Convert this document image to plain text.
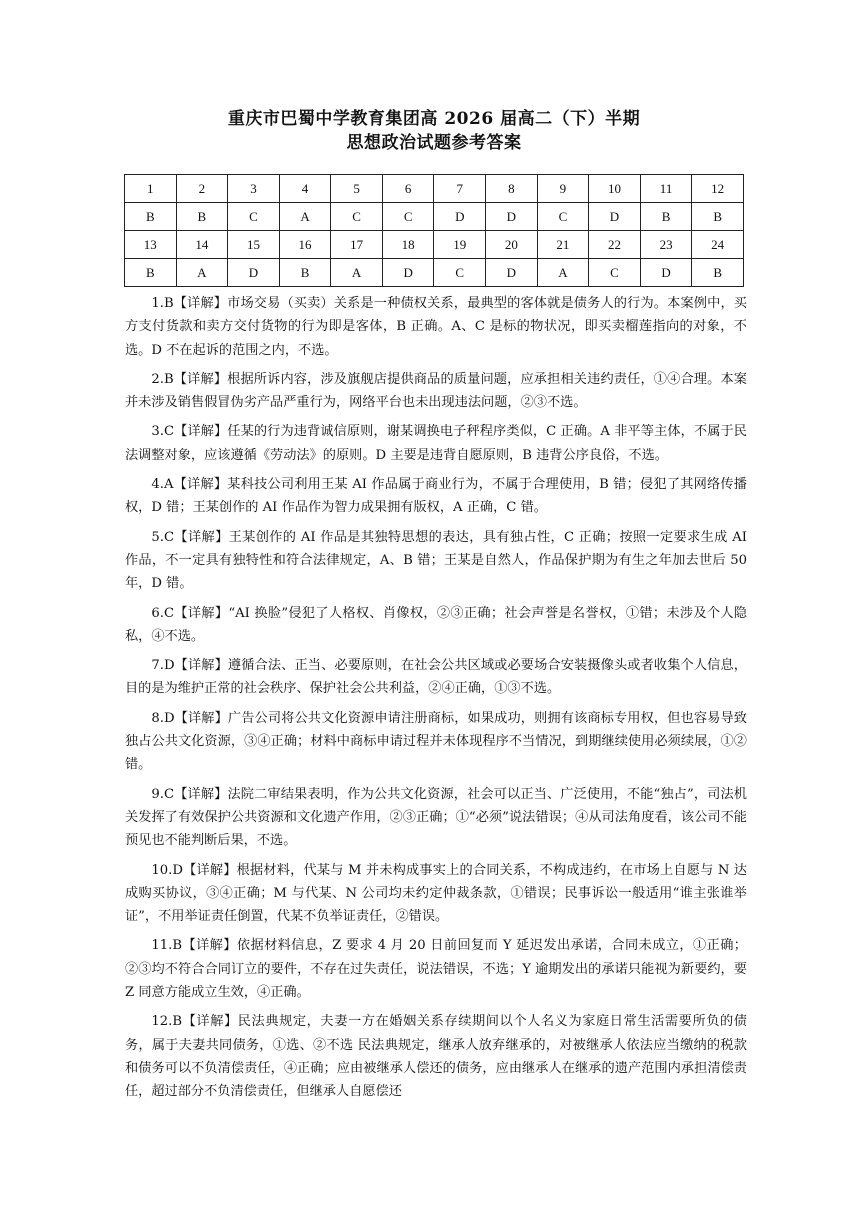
重庆市巴蜀中学教育集团高 2026 届高二（下）半期
思想政治试题参考答案
1	2	3	4	5	6	7	8	9	10	11	12
B	B	C	A	C	C	D	D	C	D	B	B
13	14	15	16	17	18	19	20	21	22	23	24
B	A	D	B	A	D	C	D	A	C	D	B

1.B【详解】市场交易（买卖）关系是一种债权关系，最典型的客体就是债务人的行为。本案例中，买方支付货款和卖方交付货物的行为即是客体，B 正确。A、C 是标的物状况，即买卖榴莲指向的对象，不选。D 不在起诉的范围之内，不选。

2.B【详解】根据所诉内容，涉及旗舰店提供商品的质量问题，应承担相关违约责任，①④合理。本案并未涉及销售假冒伪劣产品严重行为，网络平台也未出现违法问题，②③不选。

3.C【详解】任某的行为违背诚信原则，谢某调换电子秤程序类似，C 正确。A 非平等主体，不属于民法调整对象，应该遵循《劳动法》的原则。D 主要是违背自愿原则，B 违背公序良俗，不选。

4.A【详解】某科技公司利用王某 AI 作品属于商业行为，不属于合理使用，B 错；侵犯了其网络传播权，D 错；王某创作的 AI 作品作为智力成果拥有版权，A 正确，C 错。

5.C【详解】王某创作的 AI 作品是其独特思想的表达，具有独占性，C 正确；按照一定要求生成 AI 作品，不一定具有独特性和符合法律规定，A、B 错；王某是自然人，作品保护期为有生之年加去世后 50 年，D 错。

6.C【详解】“AI 换脸”侵犯了人格权、肖像权，②③正确；社会声誉是名誉权，①错；未涉及个人隐私，④不选。

7.D【详解】遵循合法、正当、必要原则，在社会公共区域或必要场合安装摄像头或者收集个人信息，目的是为维护正常的社会秩序、保护社会公共利益，②④正确，①③不选。

8.D【详解】广告公司将公共文化资源申请注册商标，如果成功，则拥有该商标专用权，但也容易导致独占公共文化资源，③④正确；材料中商标申请过程并未体现程序不当情况，到期继续使用必须续展，①②错。

9.C【详解】法院二审结果表明，作为公共文化资源，社会可以正当、广泛使用，不能“独占”，司法机关发挥了有效保护公共资源和文化遗产作用，②③正确；①“必须”说法错误；④从司法角度看，该公司不能预见也不能判断后果，不选。

10.D【详解】根据材料，代某与 M 并未构成事实上的合同关系，不构成违约，在市场上自愿与 N 达成购买协议，③④正确；M 与代某、N 公司均未约定仲裁条款，①错误；民事诉讼一般适用“谁主张谁举证”，不用举证责任倒置，代某不负举证责任，②错误。

11.B【详解】依据材料信息，Z 要求 4 月 20 日前回复而 Y 延迟发出承诺，合同未成立，①正确；②③均不符合合同订立的要件，不存在过失责任，说法错误，不选；Y 逾期发出的承诺只能视为新要约，要 Z 同意方能成立生效，④正确。

12.B【详解】民法典规定，夫妻一方在婚姻关系存续期间以个人名义为家庭日常生活需要所负的债务，属于夫妻共同债务，①选、②不选 民法典规定，继承人放弃继承的，对被继承人依法应当缴纳的税款和债务可以不负清偿责任，④正确；应由被继承人偿还的债务，应由继承人在继承的遗产范围内承担清偿责任，超过部分不负清偿责任，但继承人自愿偿还
